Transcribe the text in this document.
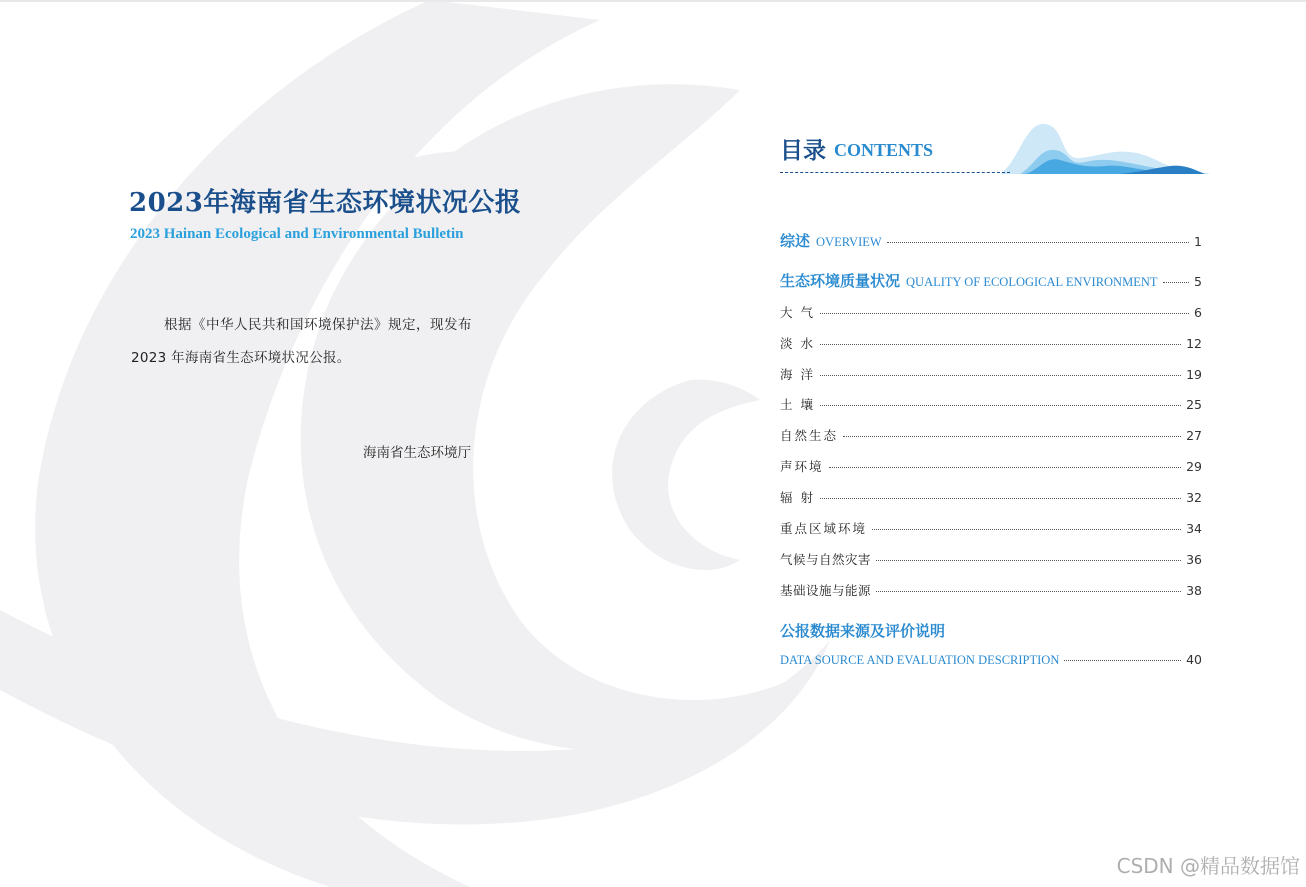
2023年海南省生态环境状况公报
2023 Hainan Ecological and Environmental Bulletin
根据《中华人民共和国环境保护法》规定，现发布
2023 年海南省生态环境状况公报。
海南省生态环境厅
目录 CONTENTS
综述 OVERVIEW	1
生态环境质量状况 QUALITY OF ECOLOGICAL ENVIRONMENT	5
大 气	6
淡 水	12
海 洋	19
土 壤	25
自然生态	27
声环境	29
辐 射	32
重点区域环境	34
气候与自然灾害	36
基础设施与能源	38
公报数据来源及评价说明
DATA SOURCE AND EVALUATION DESCRIPTION	40
CSDN @精品数据馆
